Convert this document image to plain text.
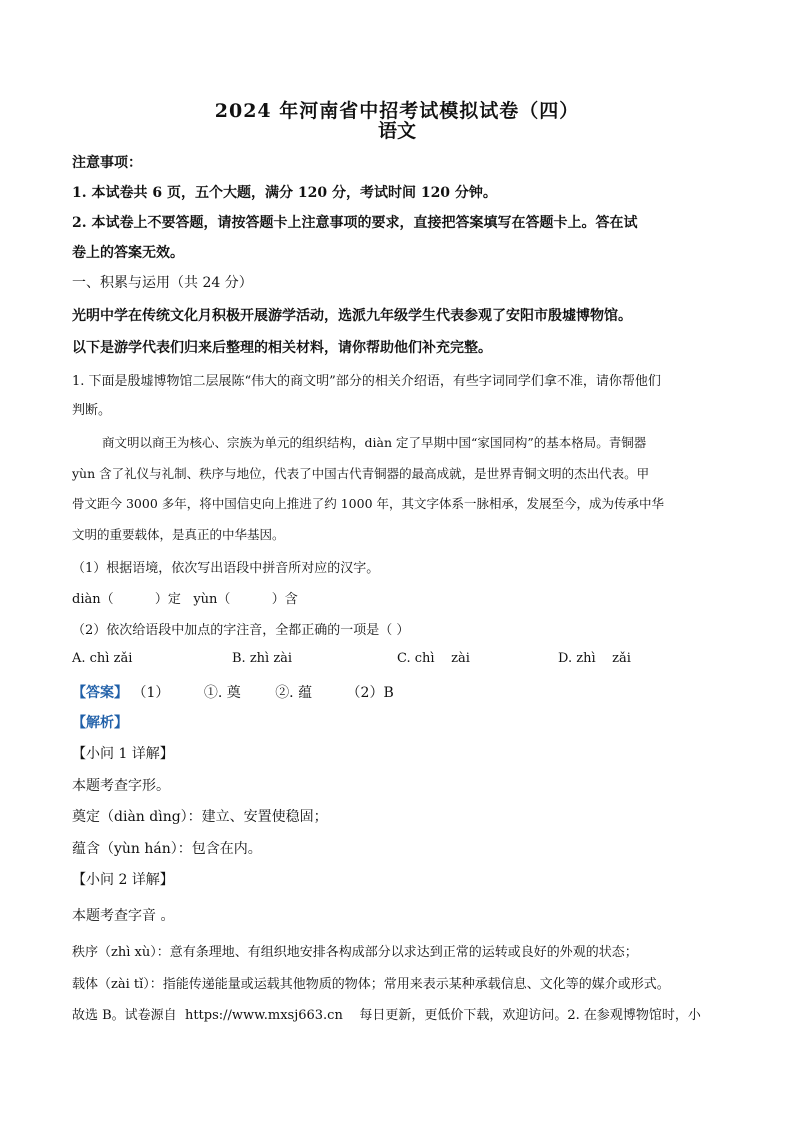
2024 年河南省中招考试模拟试卷（四）
语文
注意事项：
1. 本试卷共 6 页，五个大题，满分 120 分，考试时间 120 分钟。
2. 本试卷上不要答题，请按答题卡上注意事项的要求，直接把答案填写在答题卡上。答在试
卷上的答案无效。
一、积累与运用（共 24 分）
光明中学在传统文化月积极开展游学活动，选派九年级学生代表参观了安阳市殷墟博物馆。
以下是游学代表们归来后整理的相关材料，请你帮助他们补充完整。
1. 下面是殷墟博物馆二层展陈“伟大的商文明”部分的相关介绍语，有些字词同学们拿不准，请你帮他们
判断。
商文明以商王为核心、宗族为单元的组织结构，diàn 定了早期中国“家国同构”的基本格局。青铜器
yùn 含了礼仪与礼制、秩序与地位，代表了中国古代青铜器的最高成就，是世界青铜文明的杰出代表。甲
骨文距今 3000 多年，将中国信史向上推进了约 1000 年，其文字体系一脉相承，发展至今，成为传承中华
文明的重要载体，是真正的中华基因。
（1）根据语境，依次写出语段中拼音所对应的汉字。
diàn（          ）定   yùn（          ）含
（2）依次给语段中加点的字注音，全都正确的一项是（ ）
A. chì zǎi	B. zhì zài	C. chì    zài	D. zhì    zǎi
【答案】 （1） ①. 奠 ②. 蕴 （2）B
【解析】
【小问 1 详解】
本题考查字形。
奠定（diàn dìng）：建立、安置使稳固；
蕴含（yùn hán）：包含在内。
【小问 2 详解】
本题考查字音 。
秩序（zhì xù）：意有条理地、有组织地安排各构成部分以求达到正常的运转或良好的外观的状态；
载体（zài tǐ）：指能传递能量或运载其他物质的物体；常用来表示某种承载信息、文化等的媒介或形式。
故选 B。试卷源自  https://www.mxsj663.cn    每日更新，更低价下载，欢迎访问。2. 在参观博物馆时，小
